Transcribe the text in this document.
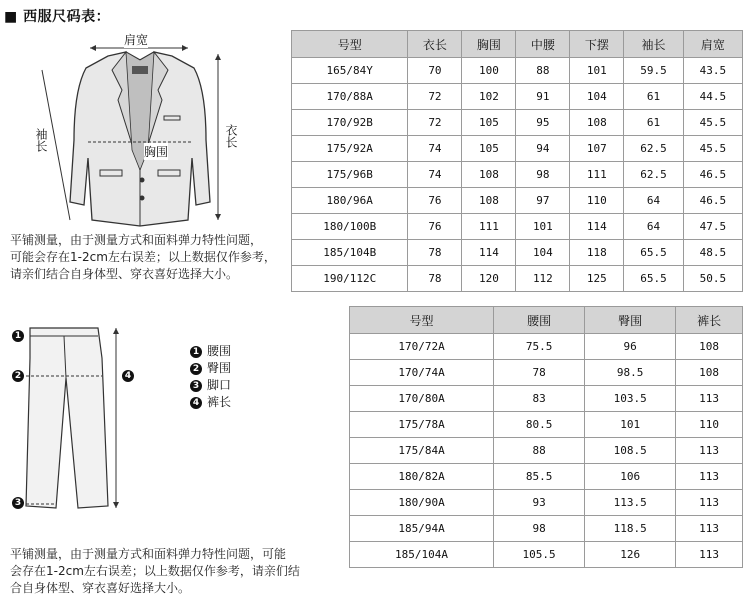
■ 西服尺码表：
肩宽
胸围
袖长	衣长
平铺测量，由于测量方式和面料弹力特性问题，
可能会存在1-2cm左右误差；以上数据仅作参考，
请亲们结合自身体型、穿衣喜好选择大小。
号型	衣长	胸围	中腰	下摆	袖长	肩宽
165/84Y	70	100	88	101	59.5	43.5
170/88A	72	102	91	104	61	44.5
170/92B	72	105	95	108	61	45.5
175/92A	74	105	94	107	62.5	45.5
175/96B	74	108	98	111	62.5	46.5
180/96A	76	108	97	110	64	46.5
180/100B	76	111	101	114	64	47.5
185/104B	78	114	104	118	65.5	48.5
190/112C	78	120	112	125	65.5	50.5
1
2
3
4
1 腰围
2 臀围
3 脚口
4 裤长
号型	腰围	臀围	裤长
170/72A	75.5	96	108
170/74A	78	98.5	108
170/80A	83	103.5	113
175/78A	80.5	101	110
175/84A	88	108.5	113
180/82A	85.5	106	113
180/90A	93	113.5	113
185/94A	98	118.5	113
185/104A	105.5	126	113
平铺测量，由于测量方式和面料弹力特性问题，可能
会存在1-2cm左右误差；以上数据仅作参考，请亲们结
合自身体型、穿衣喜好选择大小。
